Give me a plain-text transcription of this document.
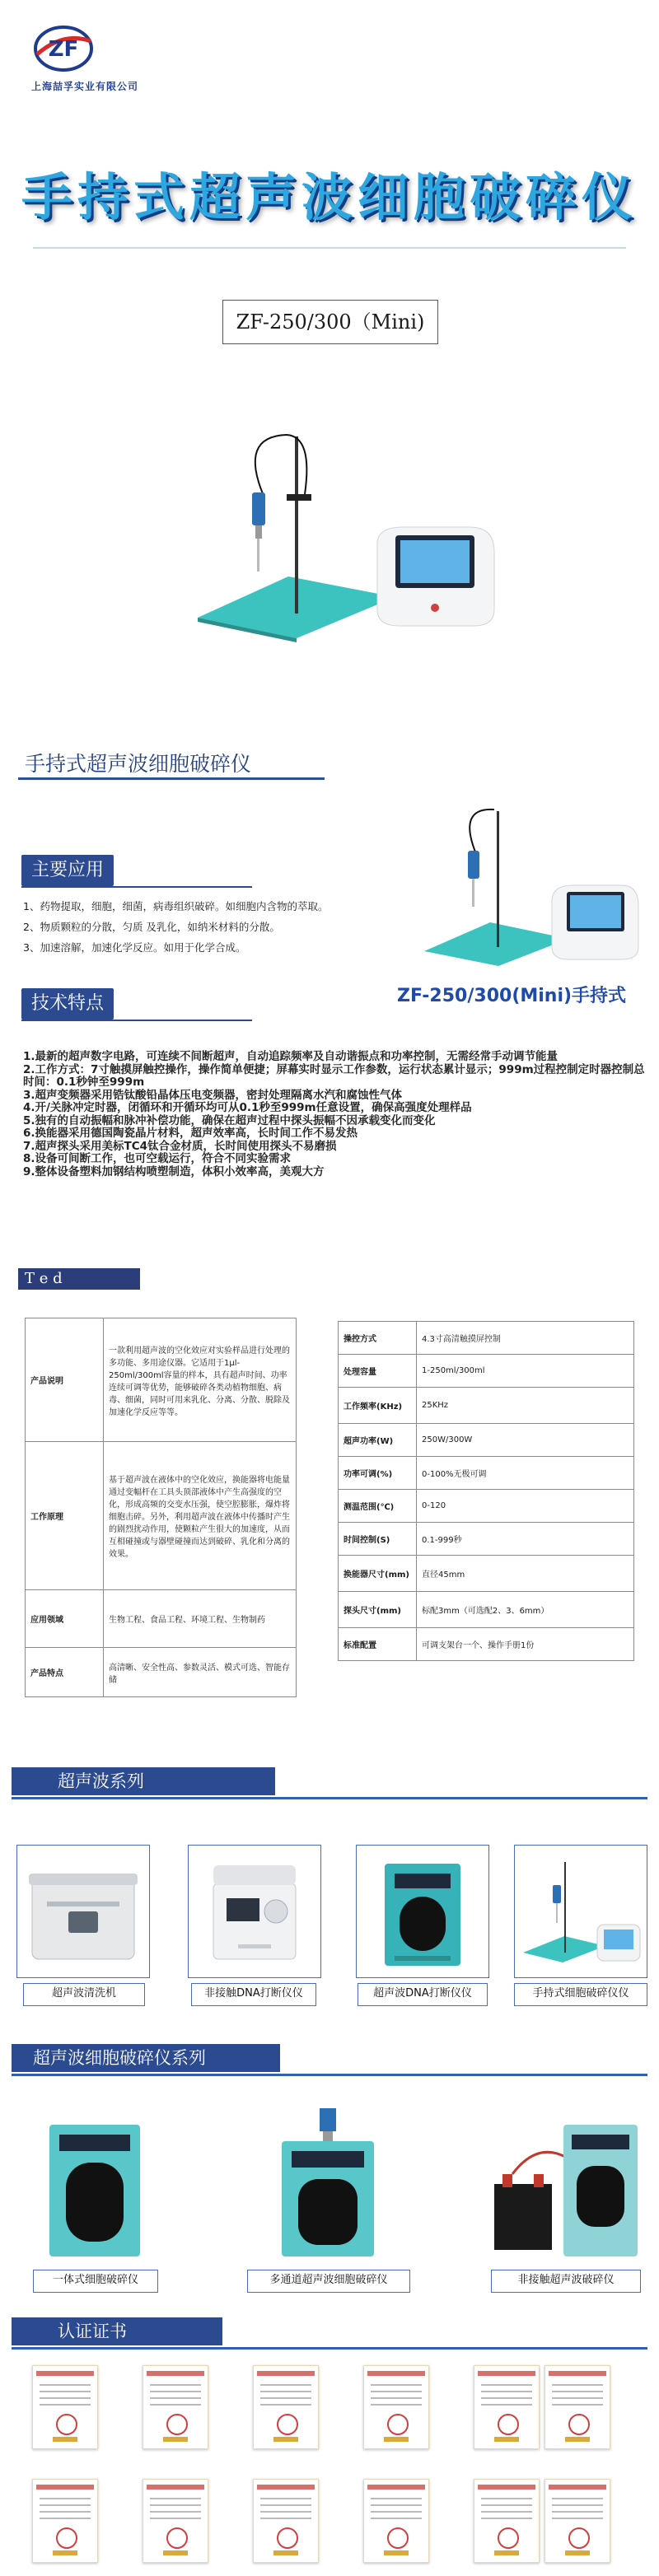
ZF
上海喆孚实业有限公司
手持式超声波细胞破碎仪
ZF-250/300（Mini)
手持式超声波细胞破碎仪
主要应用
1、药物提取，细胞，细菌，病毒组织破碎。如细胞内含物的萃取。
2、物质颗粒的分散，匀质 及乳化，如纳米材料的分散。
3、加速溶解，加速化学反应。如用于化学合成。
技术特点	ZF-250/300(Mini)手持式
1.最新的超声数字电路，可连续不间断超声，自动追踪频率及自动谐振点和功率控制，无需经常手动调节能量
2.工作方式：7寸触摸屏触控操作，操作简单便捷；屏幕实时显示工作参数，运行状态累计显示；999m过程控制定时器控制总时间：0.1秒钟至999m
3.超声变频器采用锆钛酸铅晶体压电变频器，密封处理隔离水汽和腐蚀性气体
4.开/关脉冲定时器，闭循环和开循环均可从0.1秒至999m任意设置，确保高强度处理样品
5.独有的自动振幅和脉冲补偿功能，确保在超声过程中探头振幅不因承载变化而变化
6.换能器采用德国陶瓷晶片材料，超声效率高，长时间工作不易发热
7.超声探头采用美标TC4钛合金材质，长时间使用探头不易磨损
8.设备可间断工作，也可空载运行，符合不同实验需求
9.整体设备塑料加钢结构喷塑制造，体积小效率高，美观大方
T e d
产品说明	一款利用超声波的空化效应对实验样品进行处理的多功能、多用途仪器。它适用于1μl-250ml/300ml容量的样本，具有超声时间、功率连续可调等优势，能够破碎各类动植物细胞、病毒、细菌，同时可用来乳化、分离、分散、脱除及加速化学反应等等。
工作原理	基于超声波在液体中的空化效应，换能器将电能量通过变幅杆在工具头顶部液体中产生高强度的空化，形成高频的交变水压强，使空腔膨胀，爆炸将细胞击碎。另外，利用超声波在液体中传播时产生的剧烈扰动作用，使颗粒产生很大的加速度，从而互相碰撞或与器壁碰撞而达到破碎、乳化和分离的效果。
应用领域	生物工程、食品工程、环境工程、生物制药
产品特点	高清晰、安全性高、参数灵活、模式可选、智能存储
操控方式	4.3寸高清触摸屏控制
处理容量	1-250ml/300ml
工作频率(KHz)	25KHz
超声功率(W)	250W/300W
功率可调(%)	0-100%无极可调
测温范围(℃)	0-120
时间控制(S)	0.1-999秒
换能器尺寸(mm)	直径45mm
探头尺寸(mm)	标配3mm（可选配2、3、6mm）
标准配置	可调支架台一个、操作手册1份
超声波系列
超声波清洗机	非接触DNA打断仪仪	超声波DNA打断仪仪	手持式细胞破碎仪仪
超声波细胞破碎仪系列
一体式细胞破碎仪	多通道超声波细胞破碎仪	非接触超声波破碎仪
认证证书
